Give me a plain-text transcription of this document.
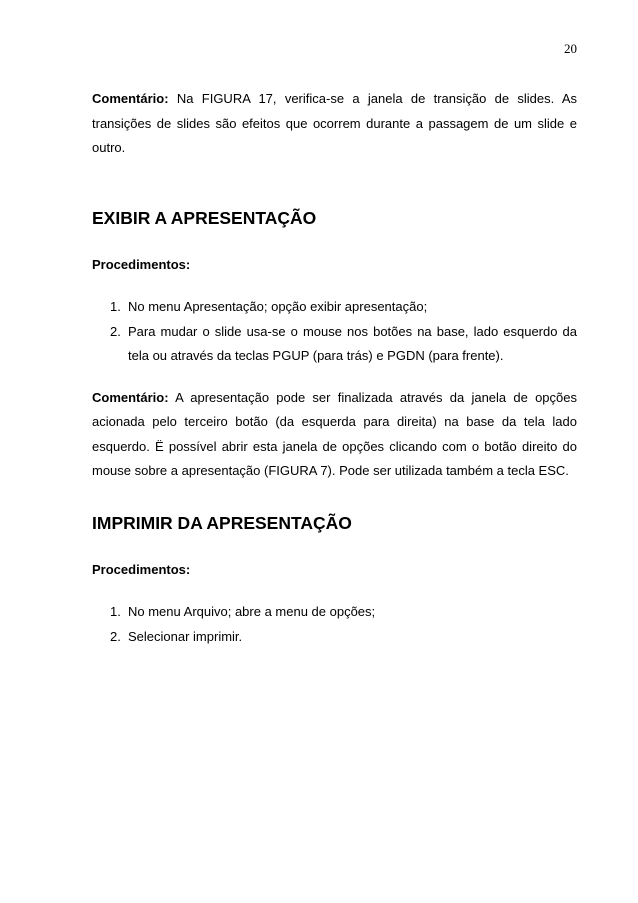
20

Comentário: Na FIGURA 17, verifica-se a janela de transição de slides. As transições de slides são efeitos que ocorrem durante a passagem de um slide e outro.

EXIBIR A APRESENTAÇÃO
Procedimentos:
1. No menu Apresentação; opção exibir apresentação;
2. Para mudar o slide usa-se o mouse nos botões na base, lado esquerdo da tela ou através da teclas PGUP (para trás) e PGDN (para frente).

Comentário: A apresentação pode ser finalizada através da janela de opções acionada pelo terceiro botão (da esquerda para direita) na base da tela lado esquerdo. Ë possível abrir esta janela de opções clicando com o botão direito do mouse sobre a apresentação (FIGURA 7). Pode ser utilizada também a tecla ESC.

IMPRIMIR DA APRESENTAÇÃO
Procedimentos:
1. No menu Arquivo; abre a menu de opções;
2. Selecionar imprimir.
